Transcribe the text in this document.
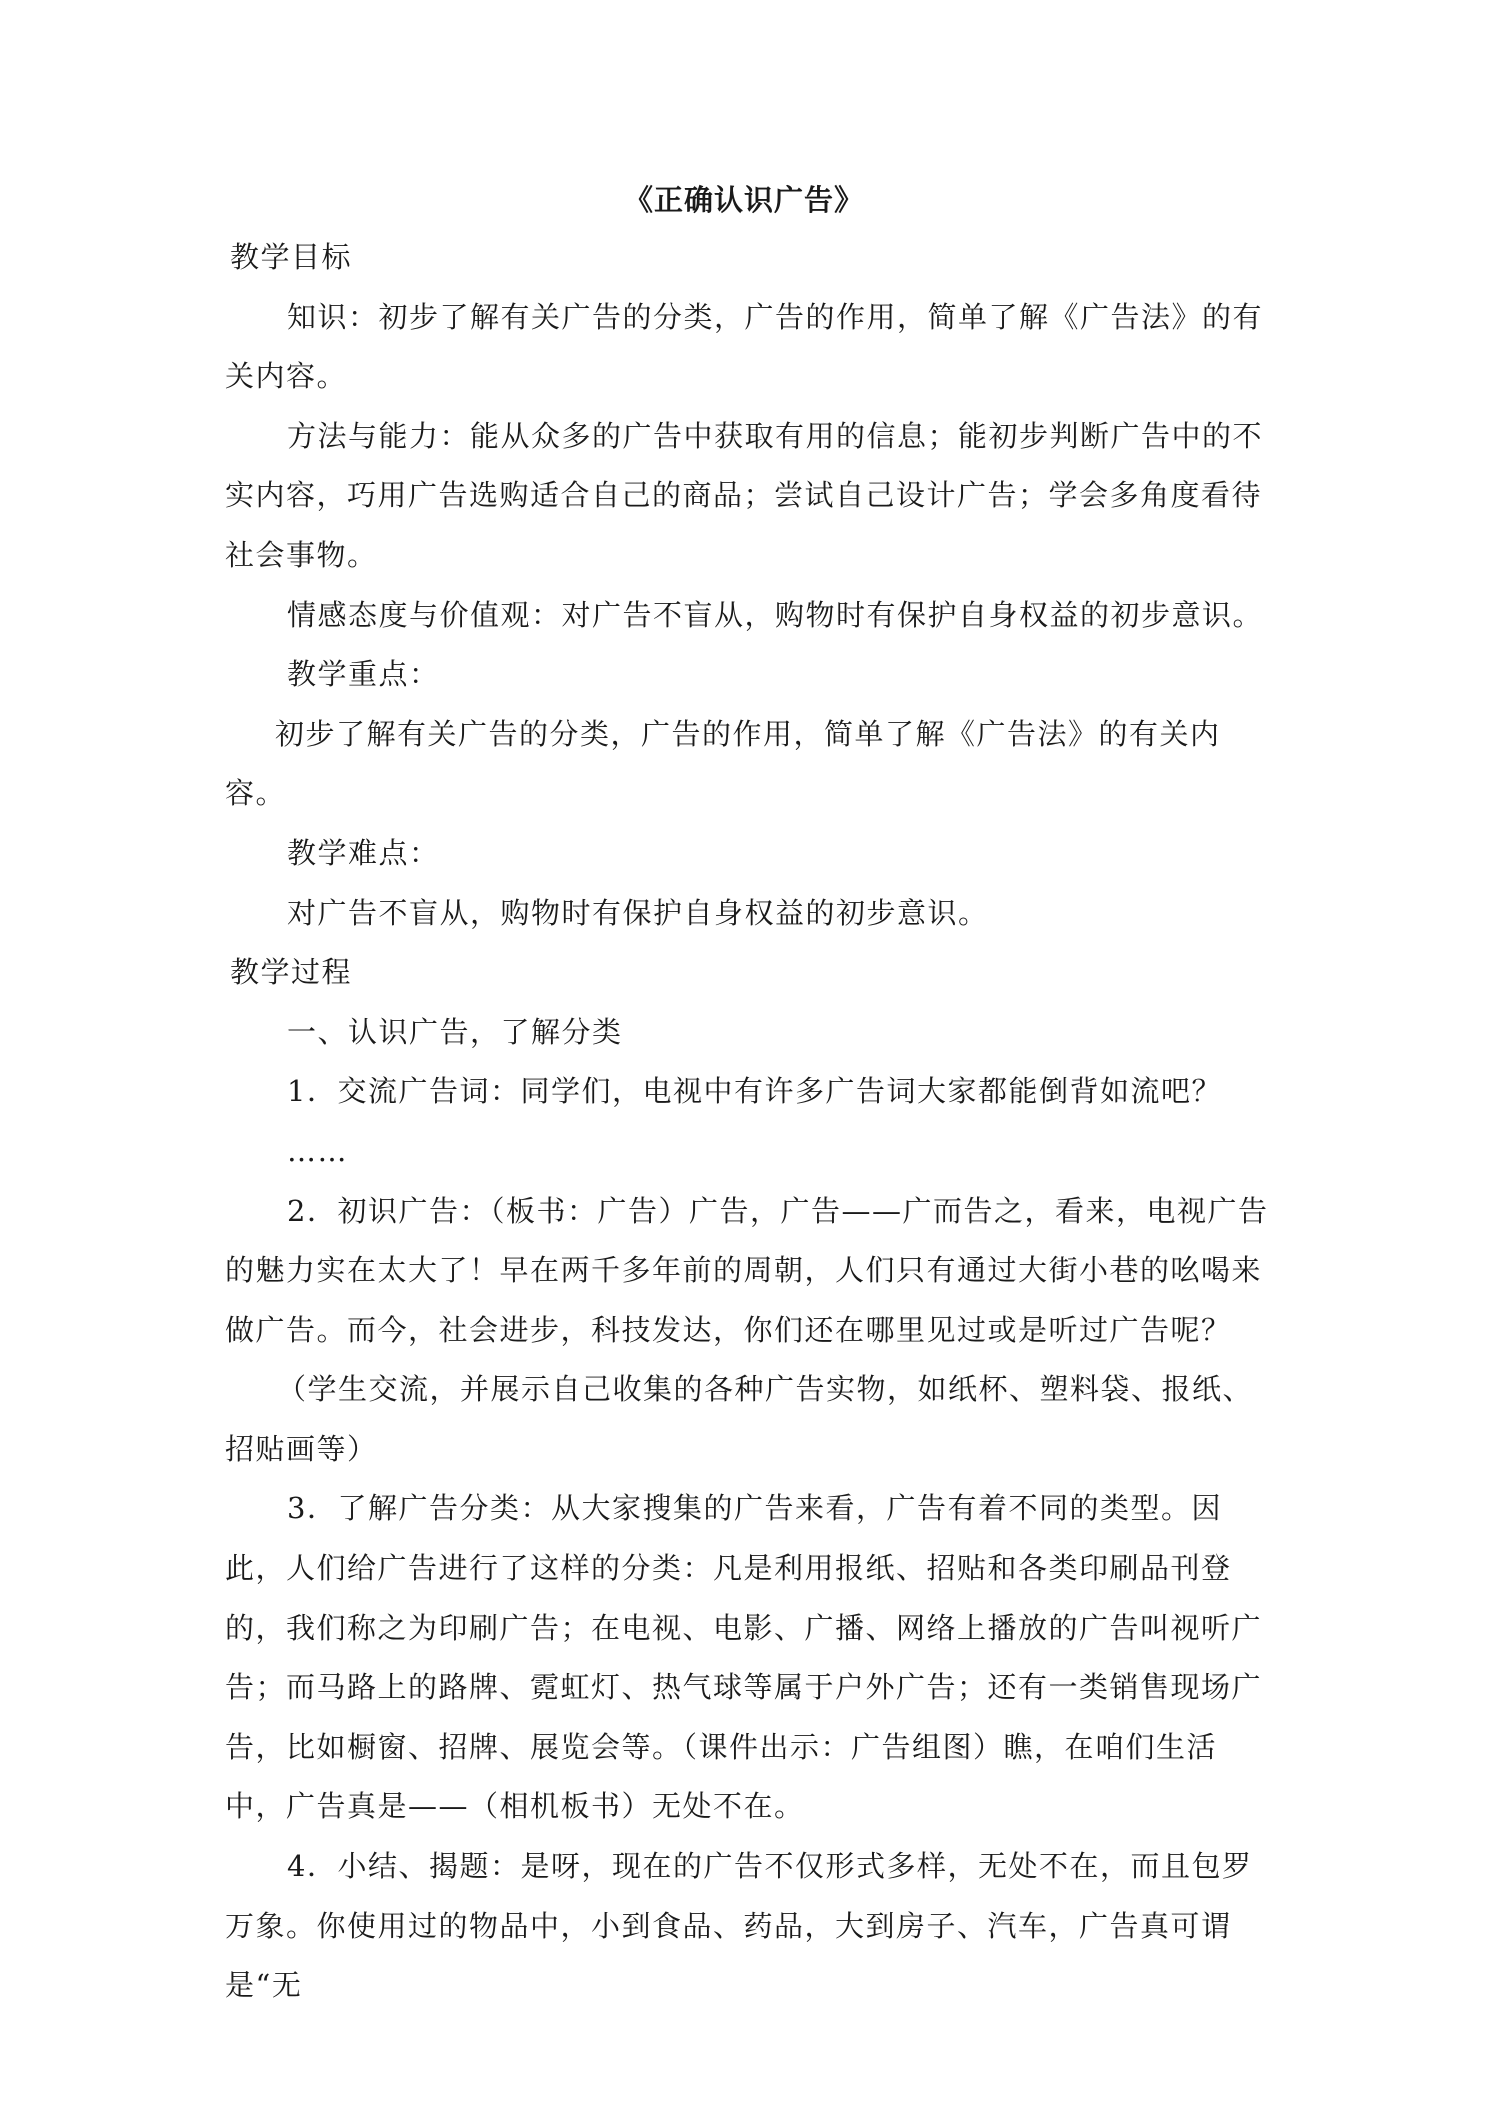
《正确认识广告》

教学目标

知识：初步了解有关广告的分类，广告的作用，简单了解《广告法》的有关内容。

方法与能力：能从众多的广告中获取有用的信息；能初步判断广告中的不实内容，巧用广告选购适合自己的商品；尝试自己设计广告；学会多角度看待社会事物。

情感态度与价值观：对广告不盲从，购物时有保护自身权益的初步意识。

教学重点：

初步了解有关广告的分类，广告的作用，简单了解《广告法》的有关内容。

教学难点：

对广告不盲从，购物时有保护自身权益的初步意识。

教学过程

一、认识广告，了解分类

1．交流广告词：同学们，电视中有许多广告词大家都能倒背如流吧？

……

2．初识广告：（板书：广告）广告，广告——广而告之，看来，电视广告的魅力实在太大了！早在两千多年前的周朝，人们只有通过大街小巷的吆喝来做广告。而今，社会进步，科技发达，你们还在哪里见过或是听过广告呢？

（学生交流，并展示自己收集的各种广告实物，如纸杯、塑料袋、报纸、招贴画等）

3．了解广告分类：从大家搜集的广告来看，广告有着不同的类型。因此，人们给广告进行了这样的分类：凡是利用报纸、招贴和各类印刷品刊登的，我们称之为印刷广告；在电视、电影、广播、网络上播放的广告叫视听广告；而马路上的路牌、霓虹灯、热气球等属于户外广告；还有一类销售现场广告，比如橱窗、招牌、展览会等。（课件出示：广告组图）瞧，在咱们生活中，广告真是——（相机板书）无处不在。

4．小结、揭题：是呀，现在的广告不仅形式多样，无处不在，而且包罗万象。你使用过的物品中，小到食品、药品，大到房子、汽车，广告真可谓是“无
